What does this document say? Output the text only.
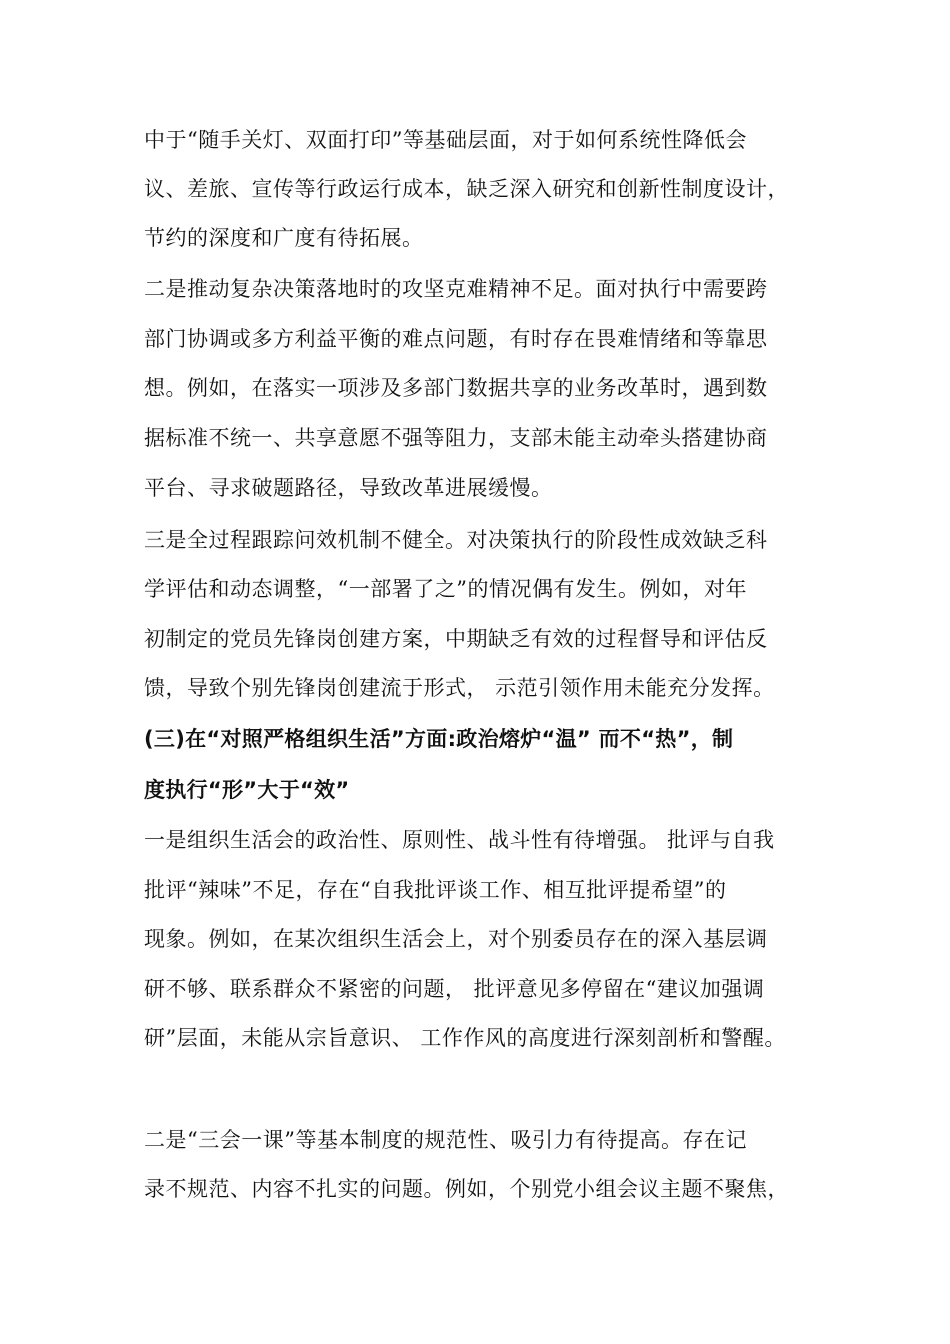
中于“随手关灯、双面打印”等基础层面，对于如何系统性降低会
议、差旅、宣传等行政运行成本，缺乏深入研究和创新性制度设计，
节约的深度和广度有待拓展。
二是推动复杂决策落地时的攻坚克难精神不足。面对执行中需要跨
部门协调或多方利益平衡的难点问题，有时存在畏难情绪和等靠思
想。例如，在落实一项涉及多部门数据共享的业务改革时，遇到数
据标准不统一、共享意愿不强等阻力，支部未能主动牵头搭建协商
平台、寻求破题路径，导致改革进展缓慢。
三是全过程跟踪问效机制不健全。对决策执行的阶段性成效缺乏科
学评估和动态调整，“一部署了之”的情况偶有发生。例如，对年
初制定的党员先锋岗创建方案，中期缺乏有效的过程督导和评估反
馈，导致个别先锋岗创建流于形式， 示范引领作用未能充分发挥。
(三)在“对照严格组织生活”方面:政治熔炉“温” 而不“热”，制
度执行“形”大于“效”
一是组织生活会的政治性、原则性、战斗性有待增强。 批评与自我
批评“辣味”不足，存在“自我批评谈工作、相互批评提希望”的
现象。例如，在某次组织生活会上，对个别委员存在的深入基层调
研不够、联系群众不紧密的问题， 批评意见多停留在“建议加强调
研”层面，未能从宗旨意识、 工作作风的高度进行深刻剖析和警醒。
二是“三会一课”等基本制度的规范性、吸引力有待提高。存在记
录不规范、内容不扎实的问题。例如，个别党小组会议主题不聚焦，
